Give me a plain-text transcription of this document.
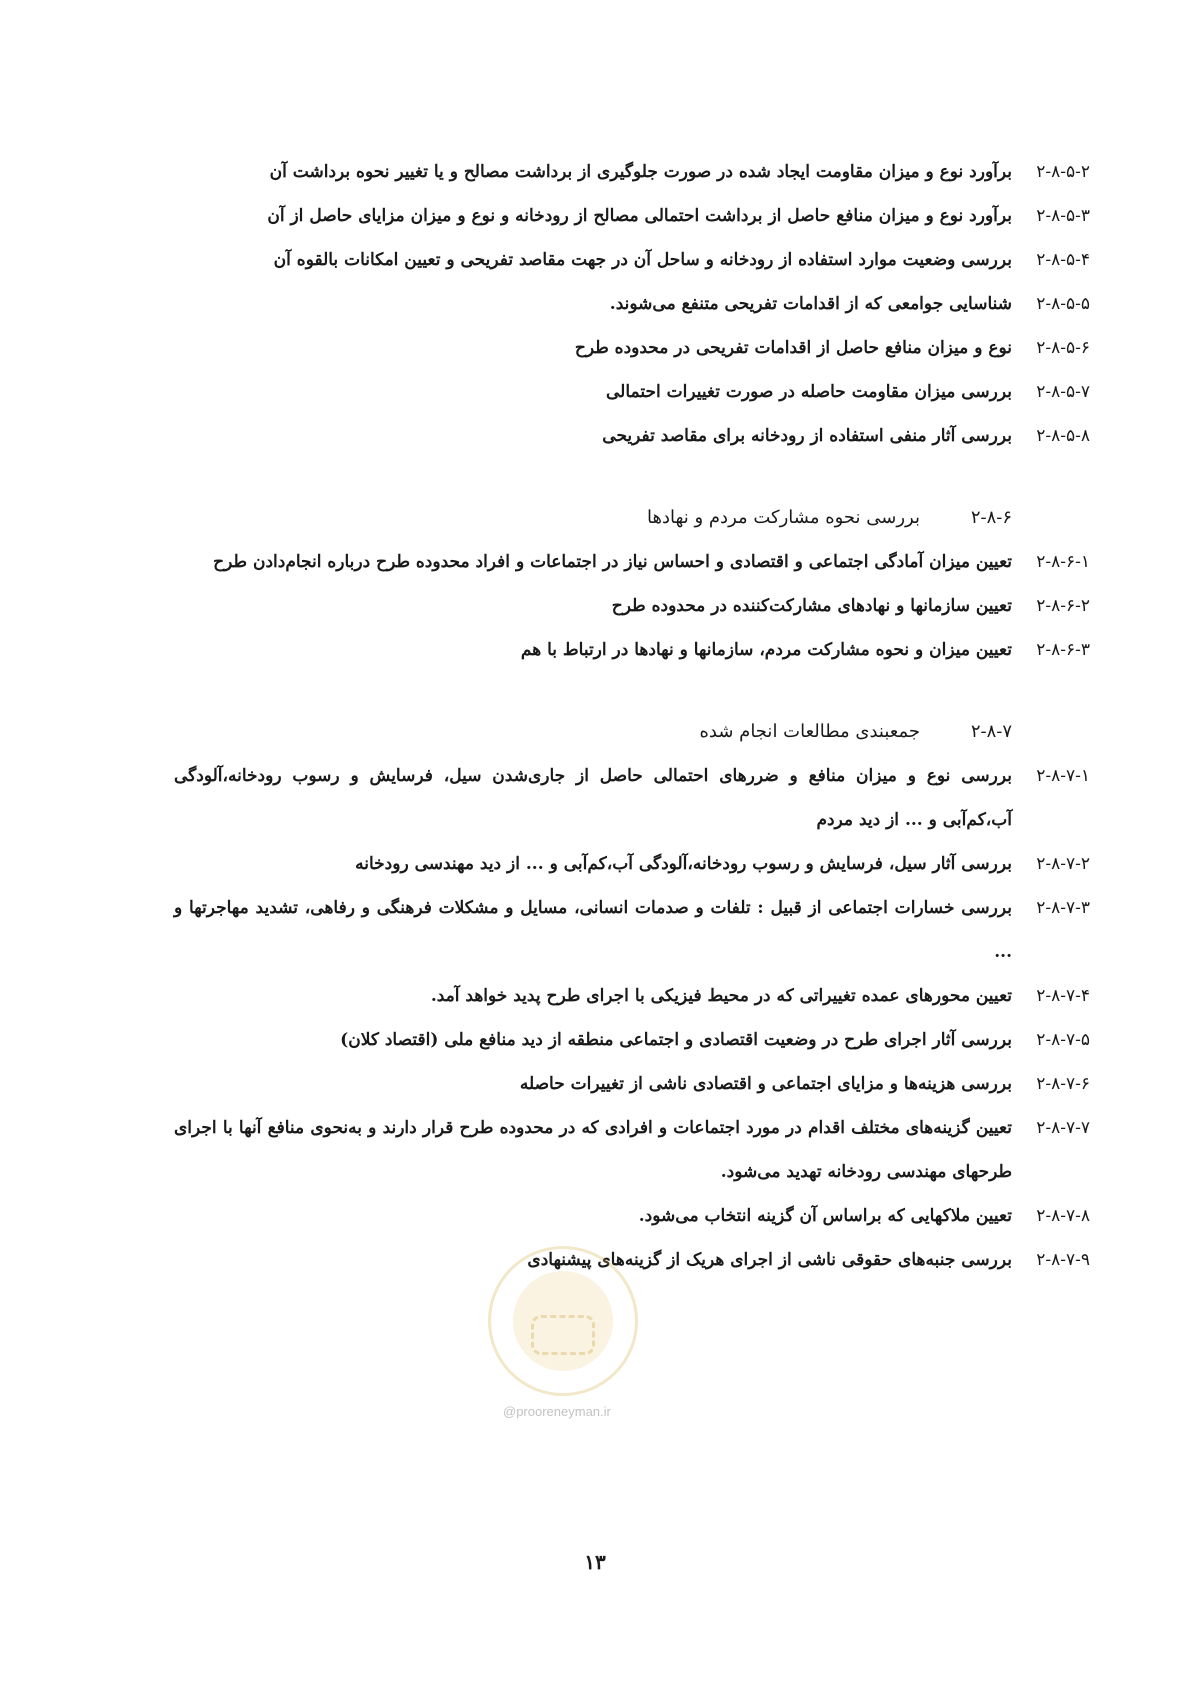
۲-۸-۵-۲
برآورد نوع و میزان مقاومت ایجاد شده در صورت جلوگیری از برداشت مصالح و یا تغییر نحوه برداشت آن
۲-۸-۵-۳
برآورد نوع و میزان منافع حاصل از برداشت احتمالی مصالح از رودخانه و نوع و میزان مزایای حاصل از آن
۲-۸-۵-۴
بررسی وضعیت موارد استفاده از رودخانه و ساحل آن در جهت مقاصد تفریحی و تعیین امکانات بالقوه آن
۲-۸-۵-۵
شناسایی جوامعی که از اقدامات تفریحی متنفع می‌شوند.
۲-۸-۵-۶
نوع و میزان منافع حاصل از اقدامات تفریحی در محدوده طرح
۲-۸-۵-۷
بررسی میزان مقاومت حاصله در صورت تغییرات احتمالی
۲-۸-۵-۸
بررسی آثار منفی استفاده از رودخانه برای مقاصد تفریحی
۲-۸-۶بررسی نحوه مشارکت مردم و نهادها
۲-۸-۶-۱
تعیین میزان آمادگی اجتماعی و اقتصادی و احساس نیاز در اجتماعات و افراد محدوده طرح درباره انجام‌دادن طرح
۲-۸-۶-۲
تعیین سازمانها و نهادهای مشارکت‌کننده در محدوده طرح
۲-۸-۶-۳
تعیین میزان و نحوه مشارکت مردم، سازمانها و نهادها در ارتباط با هم
۲-۸-۷جمعبندی مطالعات انجام شده
۲-۸-۷-۱
بررسی نوع و میزان منافع و ضررهای احتمالی حاصل از جاری‌شدن سیل، فرسایش و رسوب رودخانه،آلودگی آب،کم‌آبی و ... از دید مردم
۲-۸-۷-۲
بررسی آثار سیل، فرسایش و رسوب رودخانه،آلودگی آب،کم‌آبی و ... از دید مهندسی رودخانه
۲-۸-۷-۳
بررسی خسارات اجتماعی از قبیل : تلفات و صدمات انسانی، مسایل و مشکلات فرهنگی و رفاهی، تشدید مهاجرتها و ...
۲-۸-۷-۴
تعیین محورهای عمده تغییراتی که در محیط فیزیکی با اجرای طرح پدید خواهد آمد.
۲-۸-۷-۵
بررسی آثار اجرای طرح در وضعیت اقتصادی و اجتماعی منطقه از دید منافع ملی (اقتصاد کلان)
۲-۸-۷-۶
بررسی هزینه‌ها و مزایای اجتماعی و اقتصادی ناشی از تغییرات حاصله
۲-۸-۷-۷
تعیین گزینه‌های مختلف اقدام در مورد اجتماعات و افرادی که در محدوده طرح قرار دارند و به‌نحوی منافع آنها با اجرای طرحهای مهندسی رودخانه تهدید می‌شود.
۲-۸-۷-۸
تعیین ملاکهایی که براساس آن گزینه انتخاب می‌شود.
۲-۸-۷-۹
بررسی جنبه‌های حقوقی ناشی از اجرای هریک از گزینه‌های پیشنهادی
@prooreneyman.ir
۱۳
